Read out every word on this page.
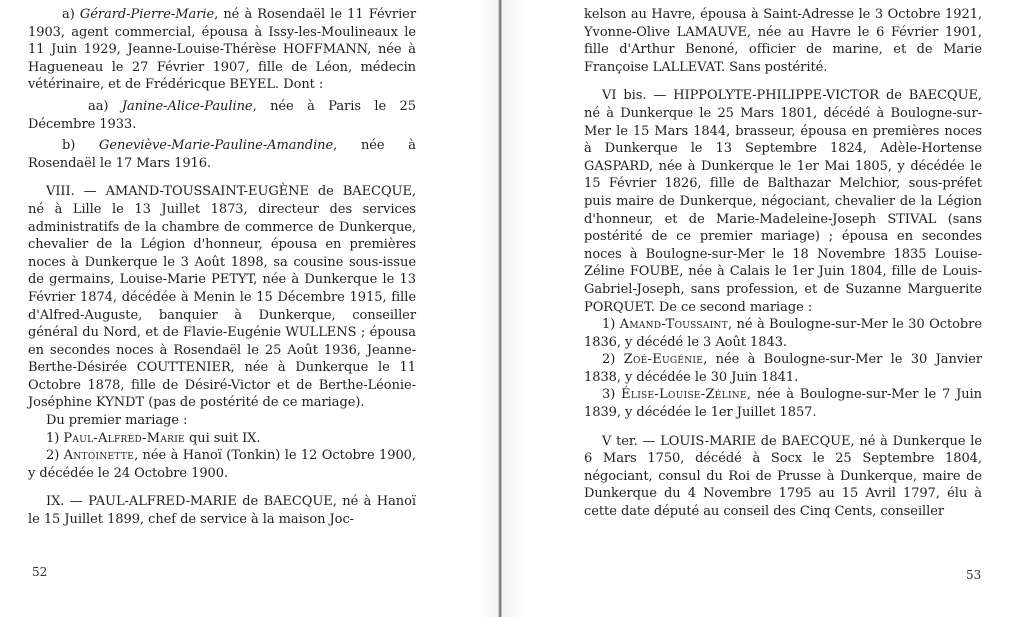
a) Gérard-Pierre-Marie, né à Rosendaël le 11 Février 1903, agent commercial, épousa à Issy-les-Moulineaux le 11 Juin 1929, Jeanne-Louise-Thérèse HOFFMANN, née à Hagueneau le 27 Février 1907, fille de Léon, médecin vétérinaire, et de Frédéricque BEYEL. Dont :

aa) Janine-Alice-Pauline, née à Paris le 25 Décembre 1933.

b) Geneviève-Marie-Pauline-Amandine, née à Rosendaël le 17 Mars 1916.

VIII. — AMAND-TOUSSAINT-EUGÈNE de BAECQUE, né à Lille le 13 Juillet 1873, directeur des services administratifs de la chambre de commerce de Dunkerque, chevalier de la Légion d'honneur, épousa en premières noces à Dunkerque le 3 Août 1898, sa cousine sous-issue de germains, Louise-Marie PETYT, née à Dunkerque le 13 Février 1874, décédée à Menin le 15 Décembre 1915, fille d'Alfred-Auguste, banquier à Dunkerque, conseiller général du Nord, et de Flavie-Eugénie WULLENS ; épousa en secondes noces à Rosendaël le 25 Août 1936, Jeanne-Berthe-Désirée COUTTENIER, née à Dunkerque le 11 Octobre 1878, fille de Désiré-Victor et de Berthe-Léonie-Joséphine KYNDT (pas de postérité de ce mariage).

Du premier mariage :

1) Paul-Alfred-Marie qui suit IX.

2) Antoinette, née à Hanoï (Tonkin) le 12 Octobre 1900, y décédée le 24 Octobre 1900.

IX. — PAUL-ALFRED-MARIE de BAECQUE, né à Hanoï le 15 Juillet 1899, chef de service à la maison Joc-

52

kelson au Havre, épousa à Saint-Adresse le 3 Octobre 1921, Yvonne-Olive LAMAUVE, née au Havre le 6 Février 1901, fille d'Arthur Benoné, officier de marine, et de Marie Françoise LALLEVAT. Sans postérité.

VI bis. — HIPPOLYTE-PHILIPPE-VICTOR de BAECQUE, né à Dunkerque le 25 Mars 1801, décédé à Boulogne-sur-Mer le 15 Mars 1844, brasseur, épousa en premières noces à Dunkerque le 13 Septembre 1824, Adèle-Hortense GASPARD, née à Dunkerque le 1er Mai 1805, y décédée le 15 Février 1826, fille de Balthazar Melchior, sous-préfet puis maire de Dunkerque, négociant, chevalier de la Légion d'honneur, et de Marie-Madeleine-Joseph STIVAL (sans postérité de ce premier mariage) ; épousa en secondes noces à Boulogne-sur-Mer le 18 Novembre 1835 Louise-Zéline FOUBE, née à Calais le 1er Juin 1804, fille de Louis-Gabriel-Joseph, sans profession, et de Suzanne Marguerite PORQUET. De ce second mariage :

1) Amand-Toussaint, né à Boulogne-sur-Mer le 30 Octobre 1836, y décédé le 3 Août 1843.

2) Zoé-Eugénie, née à Boulogne-sur-Mer le 30 Janvier 1838, y décédée le 30 Juin 1841.

3) Élise-Louise-Zéline, née à Boulogne-sur-Mer le 7 Juin 1839, y décédée le 1er Juillet 1857.

V ter. — LOUIS-MARIE de BAECQUE, né à Dunkerque le 6 Mars 1750, décédé à Socx le 25 Septembre 1804, négociant, consul du Roi de Prusse à Dunkerque, maire de Dunkerque du 4 Novembre 1795 au 15 Avril 1797, élu à cette date député au conseil des Cinq Cents, conseiller

53
